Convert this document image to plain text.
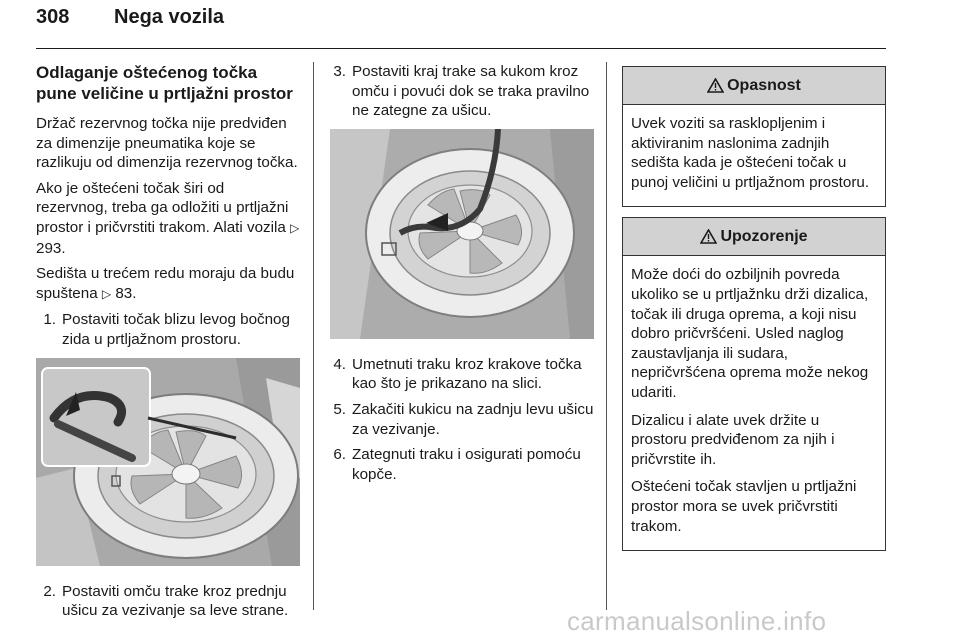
308 Nega vozila
Odlaganje oštećenog točka pune veličine u prtljažni prostor

Držač rezervnog točka nije predviđen za dimenzije pneumatika koje se razlikuju od dimenzija rezervnog točka.

Ako je oštećeni točak širi od rezervnog, treba ga odložiti u prtljažni prostor i pričvrstiti trakom. Alati vozila ▷ 293.

Sedišta u trećem redu moraju da budu spuštena ▷ 83.

1. Postaviti točak blizu levog bočnog zida u prtljažnom prostoru.
2. Postaviti omču trake kroz prednju ušicu za vezivanje sa leve strane.
3. Postaviti kraj trake sa kukom kroz omču i povući dok se traka pravilno ne zategne za ušicu.
4. Umetnuti traku kroz krakove točka kao što je prikazano na slici.
5. Zakačiti kukicu na zadnju levu ušicu za vezivanje.
6. Zategnuti traku i osigurati pomoću kopče.
Opasnost

Uvek voziti sa rasklopljenim i aktiviranim naslonima zadnjih sedišta kada je oštećeni točak u punoj veličini u prtljažnom prostoru.

Upozorenje

Može doći do ozbiljnih povreda ukoliko se u prtljažnku drži dizalica, točak ili druga oprema, a koji nisu dobro pričvršćeni. Usled naglog zaustavljanja ili sudara, nepričvršćena oprema može nekog udariti.

Dizalicu i alate uvek držite u prostoru predviđenom za njih i pričvrstite ih.

Oštećeni točak stavljen u prtljažni prostor mora se uvek pričvrstiti trakom.

carmanualsonline.info
